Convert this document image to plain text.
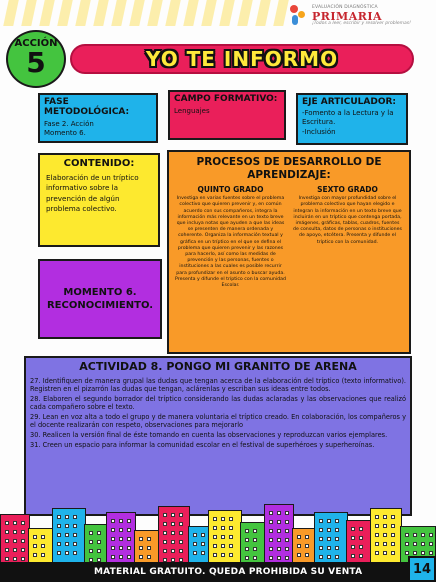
EVALUACIÓN DIAGNÓSTICA
PRIMARIA
¡Todos a leer, escribir y resolver problemas!
ACCIÓN
5	YO TE INFORMO
FASE METODOLÓGICA:
Fase 2. Acción
Momento 6.
CAMPO FORMATIVO:
Lenguajes
EJE ARTICULADOR:
-Fomento a la Lectura y la Escritura.
-Inclusión
CONTENIDO:
Elaboración de un tríptico informativo sobre la prevención de algún problema colectivo.
PROCESOS DE DESARROLLO DE APRENDIZAJE:
QUINTO GRADO
Investiga en varias fuentes sobre el problema colectivo que quieren prevenir y, en común acuerdo con sus compañeros, integra la información más relevante en un texto breve que incluya notas que ayuden a que las ideas se presenten de manera ordenada y coherente. Organiza la información textual y gráfica en un tríptico en el que se defina el problema que quieren prevenir y las razones para hacerlo, así como las medidas de prevención y las personas, fuentes o instituciones a las cuales es posible recurrir para profundizar en el asunto o buscar ayuda. Presenta y difunde el tríptico con la comunidad Escolar.
SEXTO GRADO
Investiga con mayor profundidad sobre el problema colectivo que hayan elegido e integran la información en un texto breve que incluirán en un tríptico que contenga portada, imágenes, gráficas, tablas, cuadros, fuentes de consulta, datos de personas o instituciones de apoyo, etcétera. Presenta y difunde el tríptico con la comunidad.
MOMENTO 6. RECONOCIMIENTO.
ACTIVIDAD 8. PONGO MI GRANITO DE ARENA

27. Identifiquen de manera grupal las dudas que tengan acerca de la elaboración del tríptico (texto informativo). Registren en el pizarrón las dudas que tengan, aclárenlas y escriban sus ideas entre todos.

28. Elaboren el segundo borrador del tríptico considerando las dudas aclaradas y las observaciones que realizó cada compañero sobre el texto.

29. Lean en voz alta a todo el grupo y de manera voluntaria el tríptico creado. En colaboración, los compañeros y el docente realizarán con respeto, observaciones para mejorarlo

30. Realicen la versión final de éste tomando en cuenta las observaciones y reproduzcan varios ejemplares.

31. Creen un espacio para informar la comunidad escolar en el festival de superhéroes y superheroínas.

MATERIAL GRATUITO. QUEDA PROHIBIDA SU VENTA	14
